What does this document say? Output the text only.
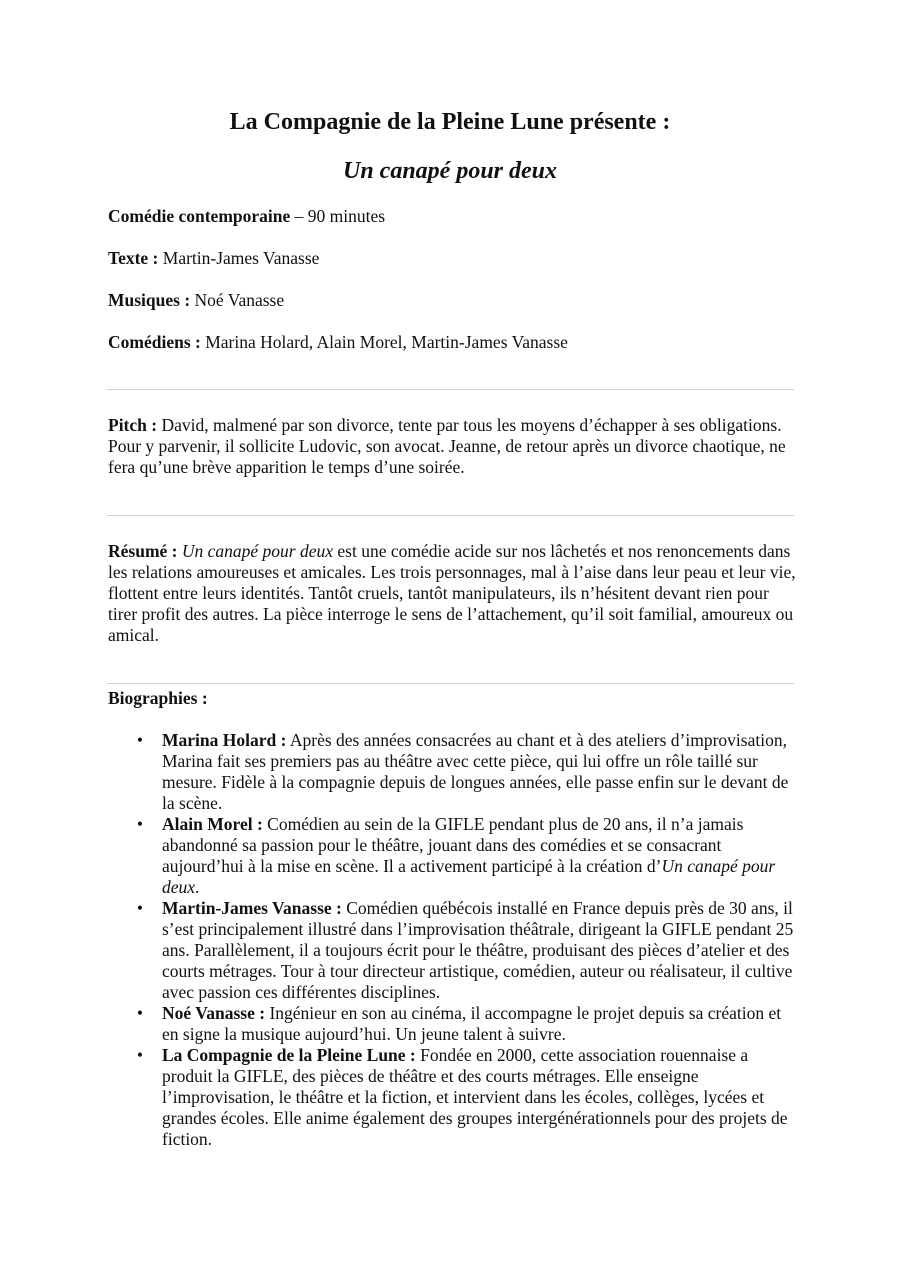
La Compagnie de la Pleine Lune présente :
Un canapé pour deux

Comédie contemporaine – 90 minutes

Texte : Martin-James Vanasse

Musiques : Noé Vanasse

Comédiens : Marina Holard, Alain Morel, Martin-James Vanasse

Pitch : David, malmené par son divorce, tente par tous les moyens d’échapper à ses obligations. Pour y parvenir, il sollicite Ludovic, son avocat. Jeanne, de retour après un divorce chaotique, ne fera qu’une brève apparition le temps d’une soirée.

Résumé : Un canapé pour deux est une comédie acide sur nos lâchetés et nos renoncements dans les relations amoureuses et amicales. Les trois personnages, mal à l’aise dans leur peau et leur vie, flottent entre leurs identités. Tantôt cruels, tantôt manipulateurs, ils n’hésitent devant rien pour tirer profit des autres. La pièce interroge le sens de l’attachement, qu’il soit familial, amoureux ou amical.

Biographies :

• Marina Holard : Après des années consacrées au chant et à des ateliers d’improvisation, Marina fait ses premiers pas au théâtre avec cette pièce, qui lui offre un rôle taillé sur mesure. Fidèle à la compagnie depuis de longues années, elle passe enfin sur le devant de la scène.
• Alain Morel : Comédien au sein de la GIFLE pendant plus de 20 ans, il n’a jamais abandonné sa passion pour le théâtre, jouant dans des comédies et se consacrant aujourd’hui à la mise en scène. Il a activement participé à la création d’Un canapé pour deux.
• Martin-James Vanasse : Comédien québécois installé en France depuis près de 30 ans, il s’est principalement illustré dans l’improvisation théâtrale, dirigeant la GIFLE pendant 25 ans. Parallèlement, il a toujours écrit pour le théâtre, produisant des pièces d’atelier et des courts métrages. Tour à tour directeur artistique, comédien, auteur ou réalisateur, il cultive avec passion ces différentes disciplines.
• Noé Vanasse : Ingénieur en son au cinéma, il accompagne le projet depuis sa création et en signe la musique aujourd’hui. Un jeune talent à suivre.
• La Compagnie de la Pleine Lune : Fondée en 2000, cette association rouennaise a produit la GIFLE, des pièces de théâtre et des courts métrages. Elle enseigne l’improvisation, le théâtre et la fiction, et intervient dans les écoles, collèges, lycées et grandes écoles. Elle anime également des groupes intergénérationnels pour des projets de fiction.
